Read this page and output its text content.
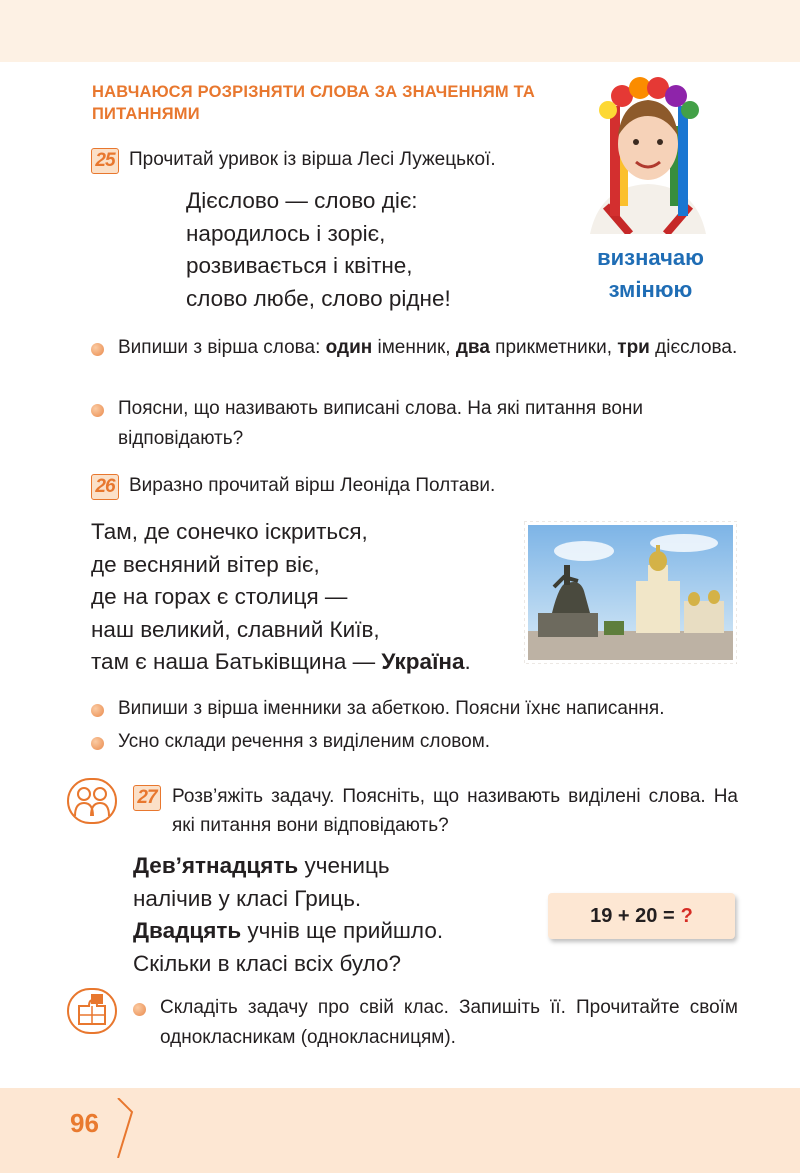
НАВЧАЮСЯ РОЗРІЗНЯТИ СЛОВА ЗА ЗНАЧЕННЯМ ТА ПИТАННЯМИ
визначаю
змінюю
25 Прочитай уривок із вірша Лесі Лужецької.
Дієслово — слово діє:
народилось і зоріє,
розвивається і квітне,
слово любе, слово рідне!
Випиши з вірша слова: один іменник, два прикметники, три дієслова.
Поясни, що називають виписані слова. На які питання вони відповідають?
26 Виразно прочитай вірш Леоніда Полтави.
Там, де сонечко іскриться,
де весняний вітер віє,
де на горах є столиця —
наш великий, славний Київ,
там є наша Батьківщина — Україна.
Випиши з вірша іменники за абеткою. Поясни їхнє написання.
Усно склади речення з виділеним словом.
27 Розв’яжіть задачу. Поясніть, що називають виділені слова. На які питання вони відповідають?
Дев’ятнадцять учениць
налічив у класі Гриць.
Двадцять учнів ще прийшло.
Скільки в класі всіх було?
19 + 20 = ?
Складіть задачу про свій клас. Запишіть її. Прочитайте своїм однокласникам (однокласницям).
96
